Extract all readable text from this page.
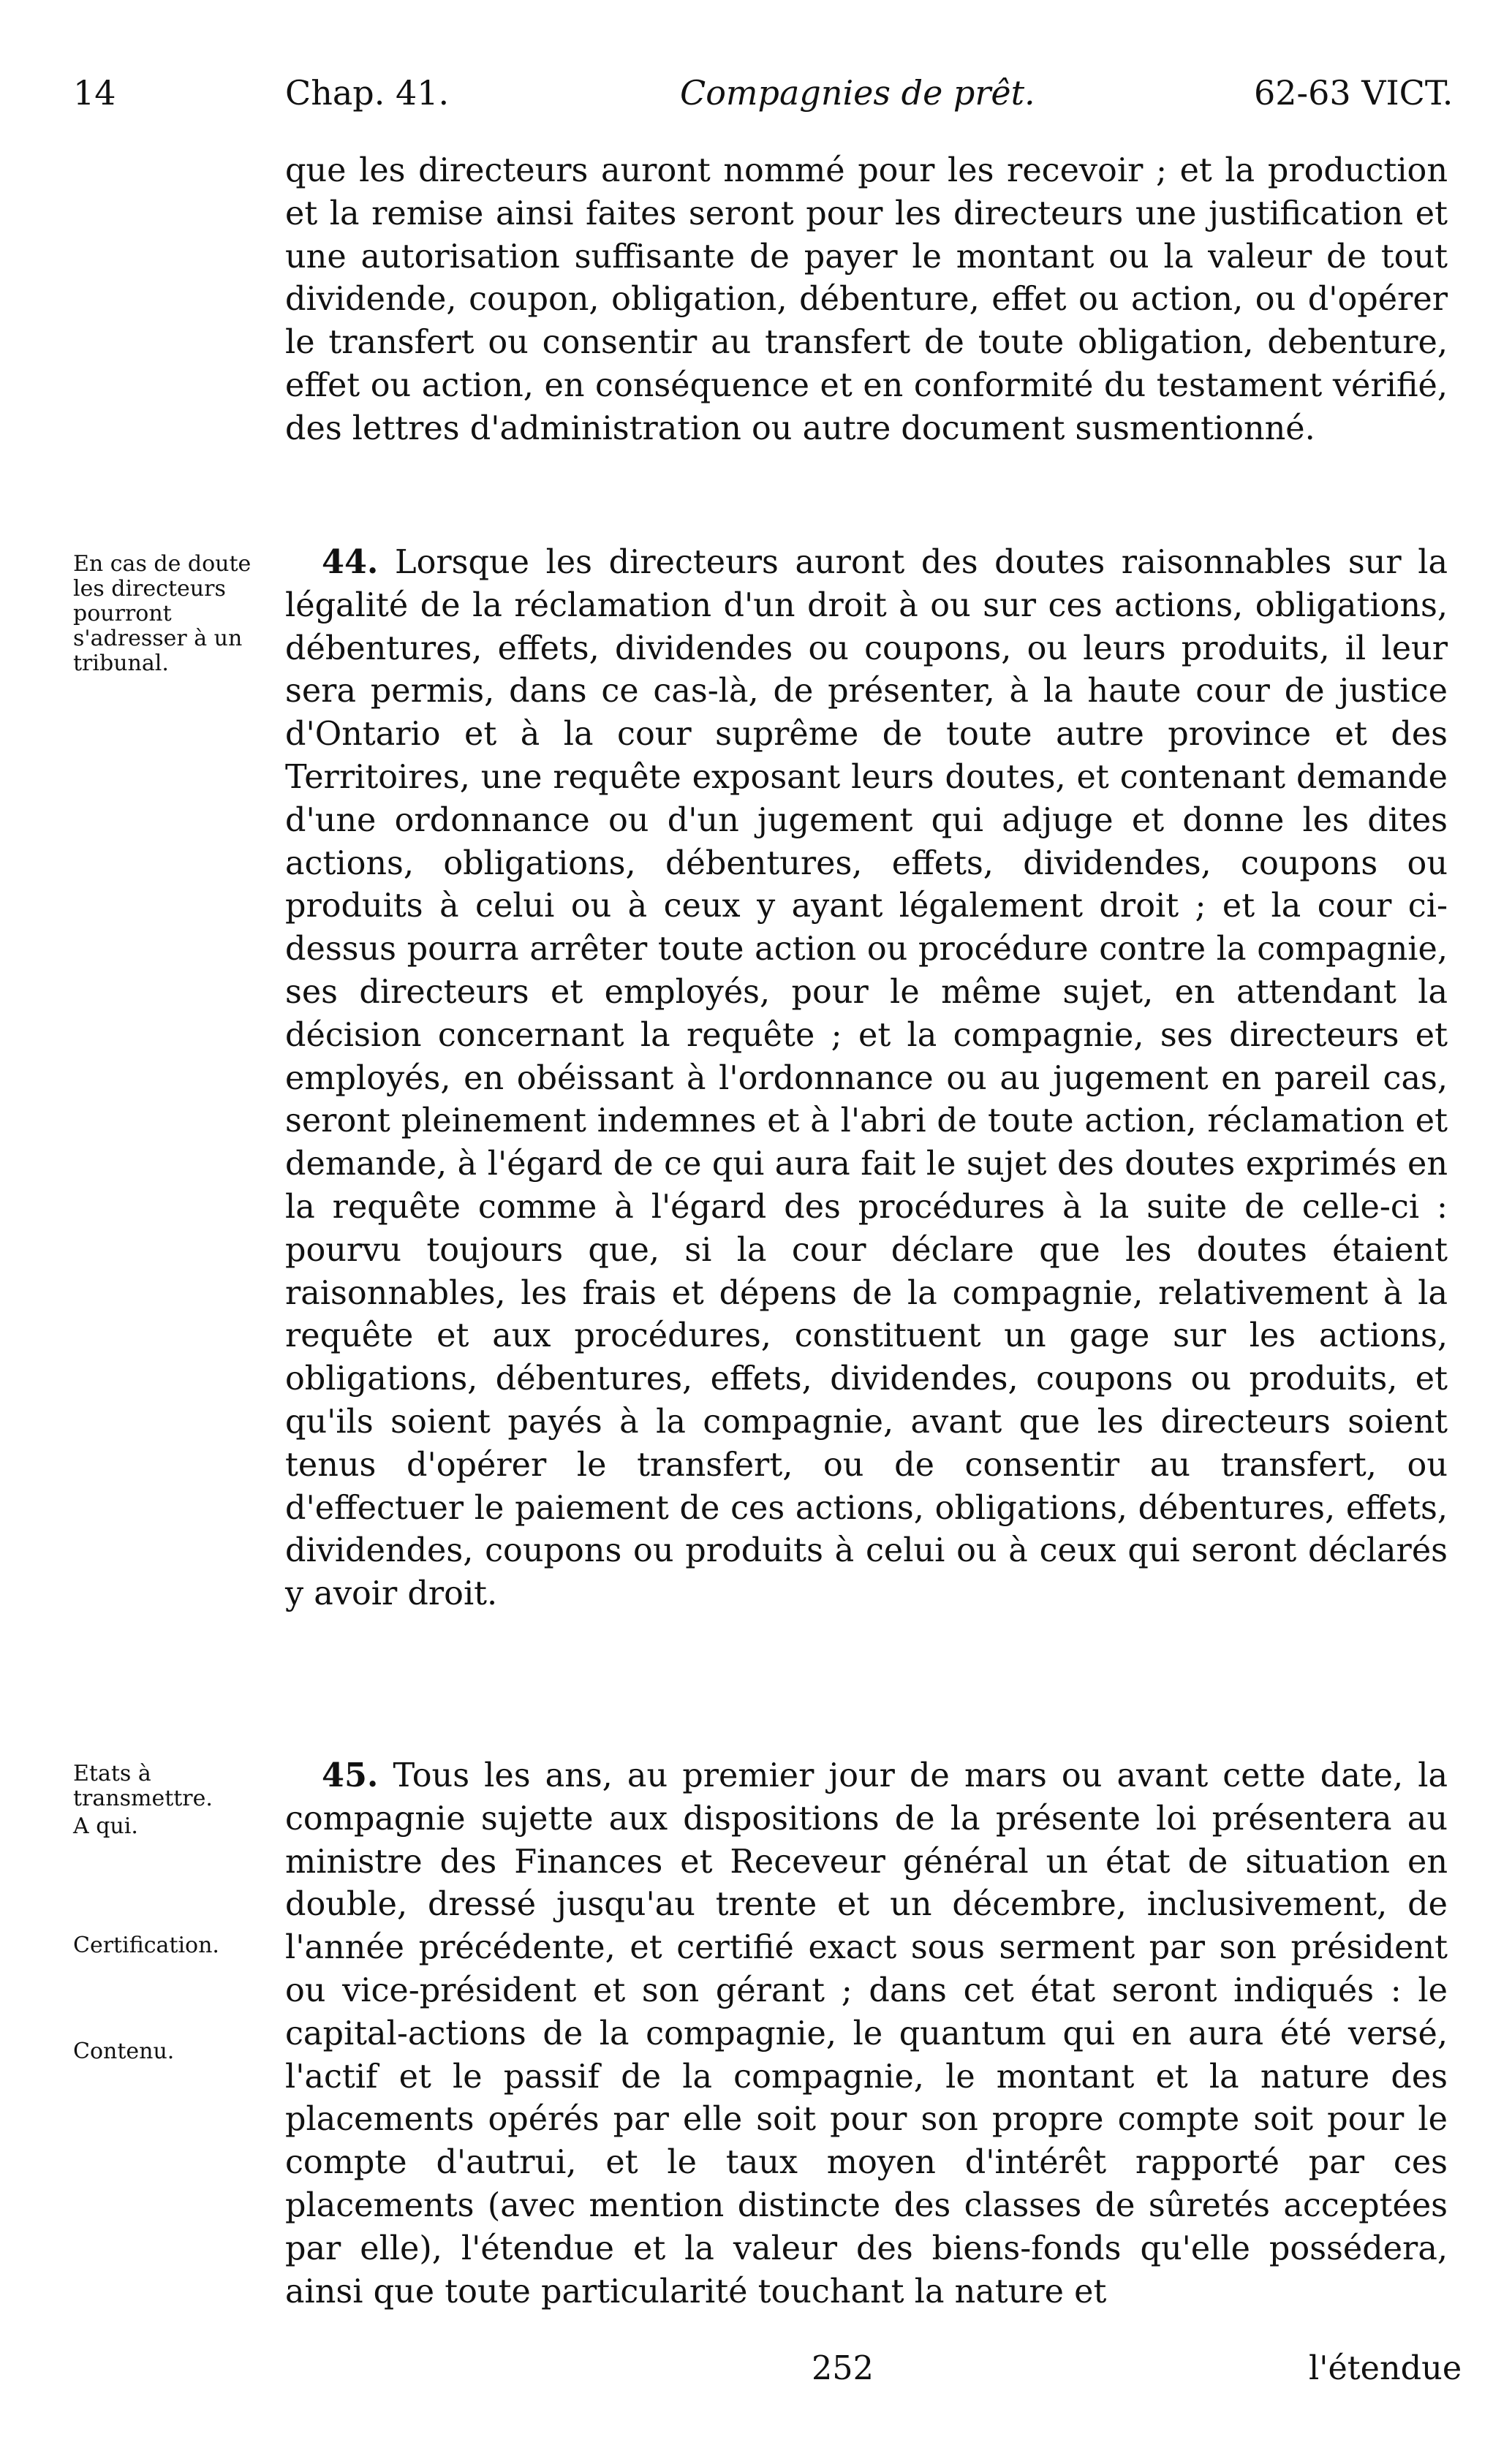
14	Chap. 41.	Compagnies de prêt.	62-63 VICT.

que les directeurs auront nommé pour les recevoir ; et la production et la remise ainsi faites seront pour les directeurs une justification et une autorisation suffisante de payer le montant ou la valeur de tout dividende, coupon, obligation, débenture, effet ou action, ou d'opérer le transfert ou consentir au transfert de toute obligation, debenture, effet ou action, en conséquence et en conformité du testament vérifié, des lettres d'administration ou autre document susmentionné.

En cas de doute les directeurs pourront s'adresser à un tribunal.

44. Lorsque les directeurs auront des doutes raisonnables sur la légalité de la réclamation d'un droit à ou sur ces actions, obligations, débentures, effets, dividendes ou coupons, ou leurs produits, il leur sera permis, dans ce cas-là, de présenter, à la haute cour de justice d'Ontario et à la cour suprême de toute autre province et des Territoires, une requête exposant leurs doutes, et contenant demande d'une ordonnance ou d'un jugement qui adjuge et donne les dites actions, obligations, débentures, effets, dividendes, coupons ou produits à celui ou à ceux y ayant légalement droit ; et la cour ci-dessus pourra arrêter toute action ou procédure contre la compagnie, ses directeurs et employés, pour le même sujet, en attendant la décision concernant la requête ; et la compagnie, ses directeurs et employés, en obéissant à l'ordonnance ou au jugement en pareil cas, seront pleinement indemnes et à l'abri de toute action, réclamation et demande, à l'égard de ce qui aura fait le sujet des doutes exprimés en la requête comme à l'égard des procédures à la suite de celle-ci : pourvu toujours que, si la cour déclare que les doutes étaient raisonnables, les frais et dépens de la compagnie, relativement à la requête et aux procédures, constituent un gage sur les actions, obligations, débentures, effets, dividendes, coupons ou produits, et qu'ils soient payés à la compagnie, avant que les directeurs soient tenus d'opérer le transfert, ou de consentir au transfert, ou d'effectuer le paiement de ces actions, obligations, débentures, effets, dividendes, coupons ou produits à celui ou à ceux qui seront déclarés y avoir droit.

Etats à transmettre.
A qui.
Certification.
Contenu.

45. Tous les ans, au premier jour de mars ou avant cette date, la compagnie sujette aux dispositions de la présente loi présentera au ministre des Finances et Receveur général un état de situation en double, dressé jusqu'au trente et un décembre, inclusivement, de l'année précédente, et certifié exact sous serment par son président ou vice-président et son gérant ; dans cet état seront indiqués : le capital-actions de la compagnie, le quantum qui en aura été versé, l'actif et le passif de la compagnie, le montant et la nature des placements opérés par elle soit pour son propre compte soit pour le compte d'autrui, et le taux moyen d'intérêt rapporté par ces placements (avec mention distincte des classes de sûretés acceptées par elle), l'étendue et la valeur des biens-fonds qu'elle possédera, ainsi que toute particularité touchant la nature et

252	l'étendue
